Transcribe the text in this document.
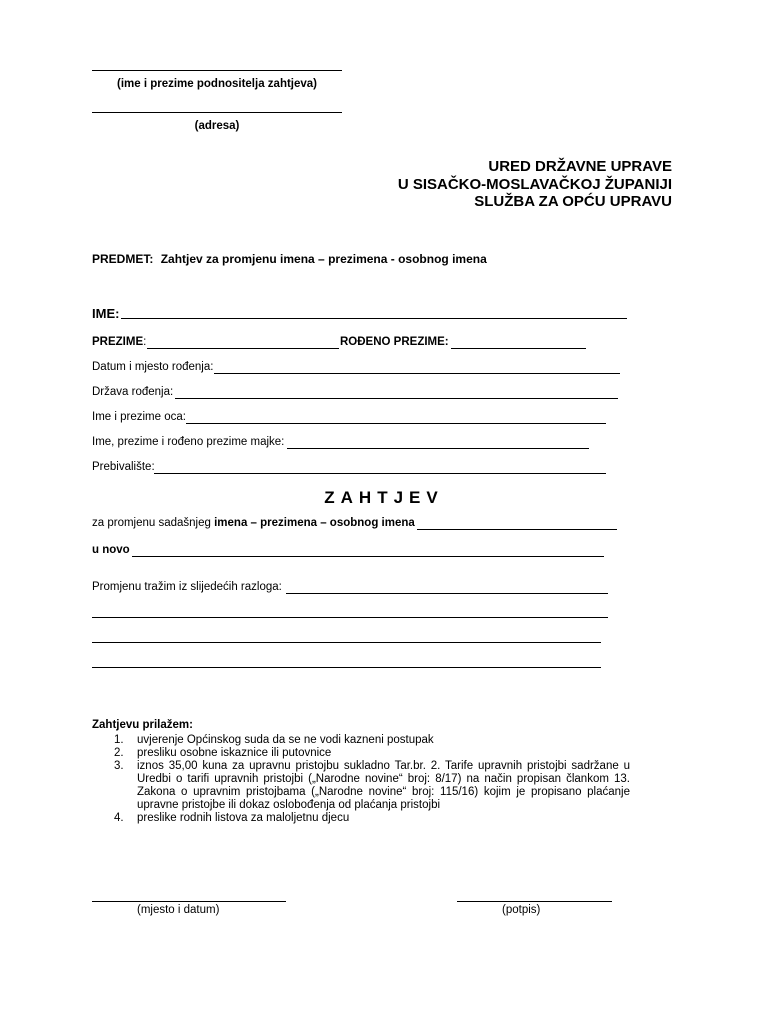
(ime i prezime podnositelja zahtjeva)
(adresa)
URED DRŽAVNE UPRAVE
U SISAČKO-MOSLAVAČKOJ ŽUPANIJI
SLUŽBA ZA OPĆU UPRAVU
PREDMET: Zahtjev za promjenu imena – prezimena - osobnog imena
IME:
PREZIME:	ROĐENO PREZIME:
Datum i mjesto rođenja:
Država rođenja:
Ime i prezime oca:
Ime, prezime i rođeno prezime majke:
Prebivalište:
ZAHTJEV
za promjenu sadašnjeg imena – prezimena – osobnog imena
u novo
Promjenu tražim iz slijedećih razloga:
Zahtjevu prilažem:
1. uvjerenje Općinskog suda da se ne vodi kazneni postupak
2. presliku osobne iskaznice ili putovnice
3. iznos 35,00 kuna za upravnu pristojbu sukladno Tar.br. 2. Tarife upravnih pristojbi sadržane u Uredbi o tarifi upravnih pristojbi („Narodne novine“ broj: 8/17) na način propisan člankom 13. Zakona o upravnim pristojbama („Narodne novine“ broj: 115/16) kojim je propisano plaćanje upravne pristojbe ili dokaz oslobođenja od plaćanja pristojbi
4. preslike rodnih listova za maloljetnu djecu
(mjesto i datum)	(potpis)
